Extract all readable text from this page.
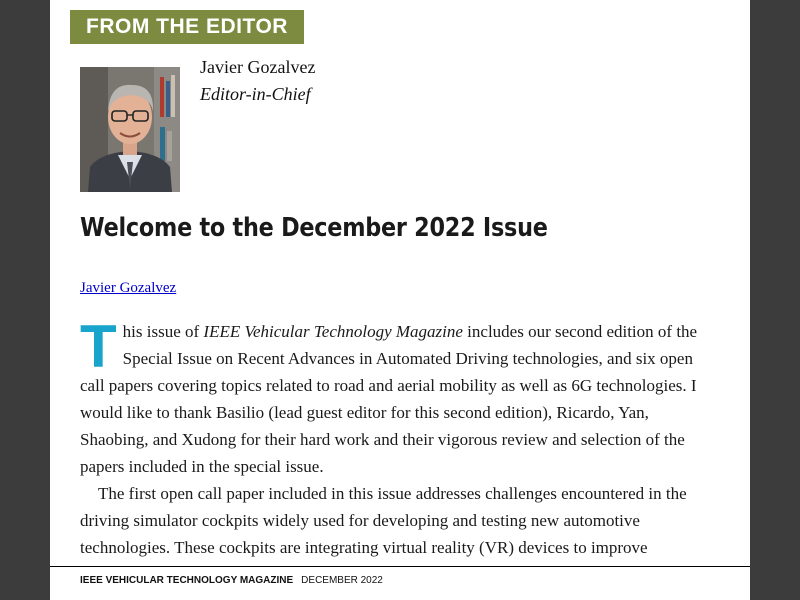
FROM THE EDITOR
Javier Gozalvez
Editor-in-Chief
Welcome to the December 2022 Issue
Javier Gozalvez

This issue of IEEE Vehicular Technology Magazine includes our second edition of the Special Issue on Recent Advances in Automated Driving technologies, and six open call papers covering topics related to road and aerial mobility as well as 6G technologies. I would like to thank Basilio (lead guest editor for this second edition), Ricardo, Yan, Shaobing, and Xudong for their hard work and their vigorous review and selection of the papers included in the special issue.

The first open call paper included in this issue addresses challenges encountered in the driving simulator cockpits widely used for developing and testing new automotive technologies. These cockpits are integrating virtual reality (VR) devices to improve

IEEE VEHICULAR TECHNOLOGY MAGAZINE DECEMBER 2022
